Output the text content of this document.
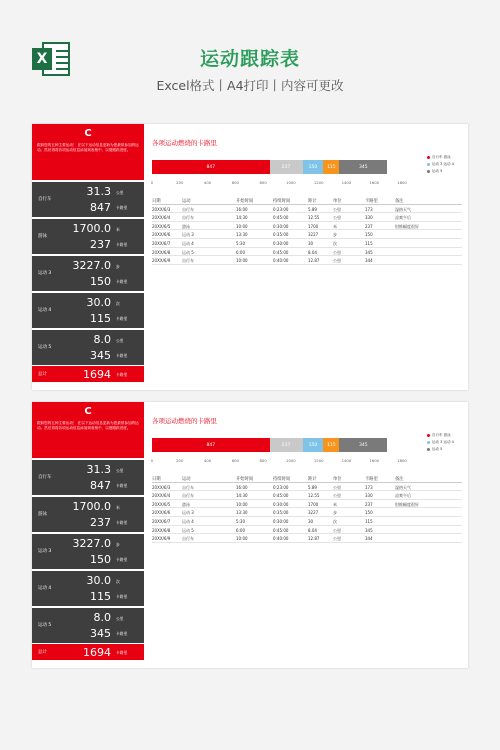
X	运动跟踪表
Excel格式丨A4打印丨内容可更改
C
跟踪您的五种主要运动！ 在以下运动信息更新为您最常参加的运动。然后再将各项运动信息添加到表格中，以便跟踪进度。
自行车
31.3 公里
847 卡路里
游泳
1700.0 米
237 卡路里
运动 3
3227.0 步
150 卡路里
运动 4
30.0 次
115 卡路里
运动 5
8.0 公里
345 卡路里
总计	1694 卡路里
各项运动燃烧的卡路里
847	237	150 115	345
自行车 游泳
运动 3 运动 4
运动 5
0	200	400	600	800	1000	1200	1400	1600	1800
日期	运动	开始时间	持续时间	距计	单位	卡路里	备注
20XX/6/3	自行车	16:00	0:23:00	5.89	公里	173	湿热天气
20XX/6/4	自行车	14:30	0:45:00	12.55	公里	330	凉爽午后
20XX/6/5	游泳	10:00	0:30:00	1700	米	237	肘推幅度很好
20XX/6/6	运动 3	13:30	0:35:00	3227	步	150
20XX/6/7	运动 4	5:30	0:30:00	30	次	115
20XX/6/8	运动 5	6:00	0:45:00	8.04	公里	345
20XX/6/9	自行车	10:00	0:40:00	12.87	公里	344
C
跟踪您的五种主要运动！ 在以下运动信息更新为您最常参加的运动。然后再将各项运动信息添加到表格中，以便跟踪进度。
自行车
31.3 公里
847 卡路里
游泳
1700.0 米
237 卡路里
运动 3
3227.0 步
150 卡路里
运动 4
30.0 次
115 卡路里
运动 5
8.0 公里
345 卡路里
总计	1694 卡路里
各项运动燃烧的卡路里
847	237	150 115	345
自行车 游泳
运动 3 运动 4
运动 5
0	200	400	600	800	1000	1200	1400	1600	1800
日期	运动	开始时间	持续时间	距计	单位	卡路里	备注
20XX/6/3	自行车	16:00	0:23:00	5.89	公里	173	湿热天气
20XX/6/4	自行车	14:30	0:45:00	12.55	公里	330	凉爽午后
20XX/6/5	游泳	10:00	0:30:00	1700	米	237	肘推幅度很好
20XX/6/6	运动 3	13:30	0:35:00	3227	步	150
20XX/6/7	运动 4	5:30	0:30:00	30	次	115
20XX/6/8	运动 5	6:00	0:45:00	8.04	公里	345
20XX/6/9	自行车	10:00	0:40:00	12.87	公里	344
